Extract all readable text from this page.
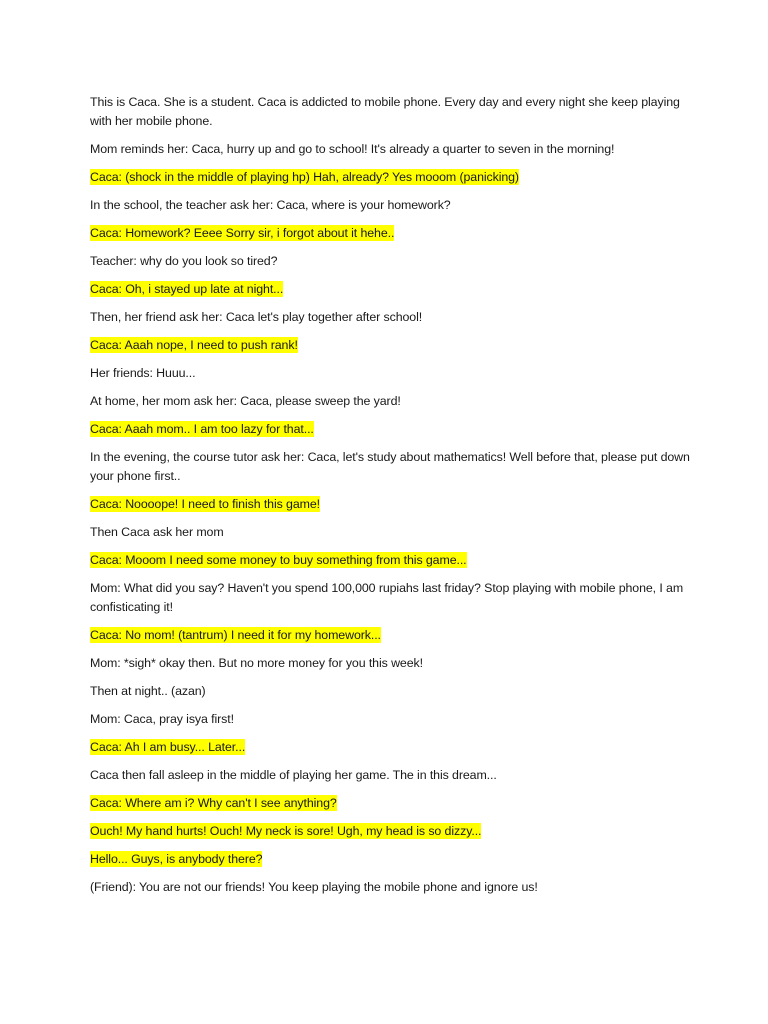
This is Caca. She is a student. Caca is addicted to mobile phone. Every day and every night she keep playing with her mobile phone.

Mom reminds her: Caca, hurry up and go to school! It's already a quarter to seven in the morning!

Caca: (shock in the middle of playing hp) Hah, already? Yes mooom (panicking)

In the school, the teacher ask her: Caca, where is your homework?

Caca: Homework? Eeee Sorry sir, i forgot about it hehe..

Teacher: why do you look so tired?

Caca: Oh, i stayed up late at night...

Then, her friend ask her: Caca let's play together after school!

Caca: Aaah nope, I need to push rank!

Her friends: Huuu...

At home, her mom ask her: Caca, please sweep the yard!

Caca: Aaah mom.. I am too lazy for that...

In the evening, the course tutor ask her: Caca, let's study about mathematics! Well before that, please put down your phone first..

Caca: Noooope! I need to finish this game!

Then Caca ask her mom

Caca: Mooom I need some money to buy something from this game...

Mom: What did you say? Haven't you spend 100,000 rupiahs last friday? Stop playing with mobile phone, I am confisticating it!

Caca: No mom! (tantrum) I need it for my homework...

Mom: *sigh* okay then. But no more money for you this week!

Then at night.. (azan)

Mom: Caca, pray isya first!

Caca: Ah I am busy... Later...

Caca then fall asleep in the middle of playing her game. The in this dream...

Caca: Where am i? Why can't I see anything?

Ouch! My hand hurts! Ouch! My neck is sore! Ugh, my head is so dizzy...

Hello... Guys, is anybody there?

(Friend): You are not our friends! You keep playing the mobile phone and ignore us!
